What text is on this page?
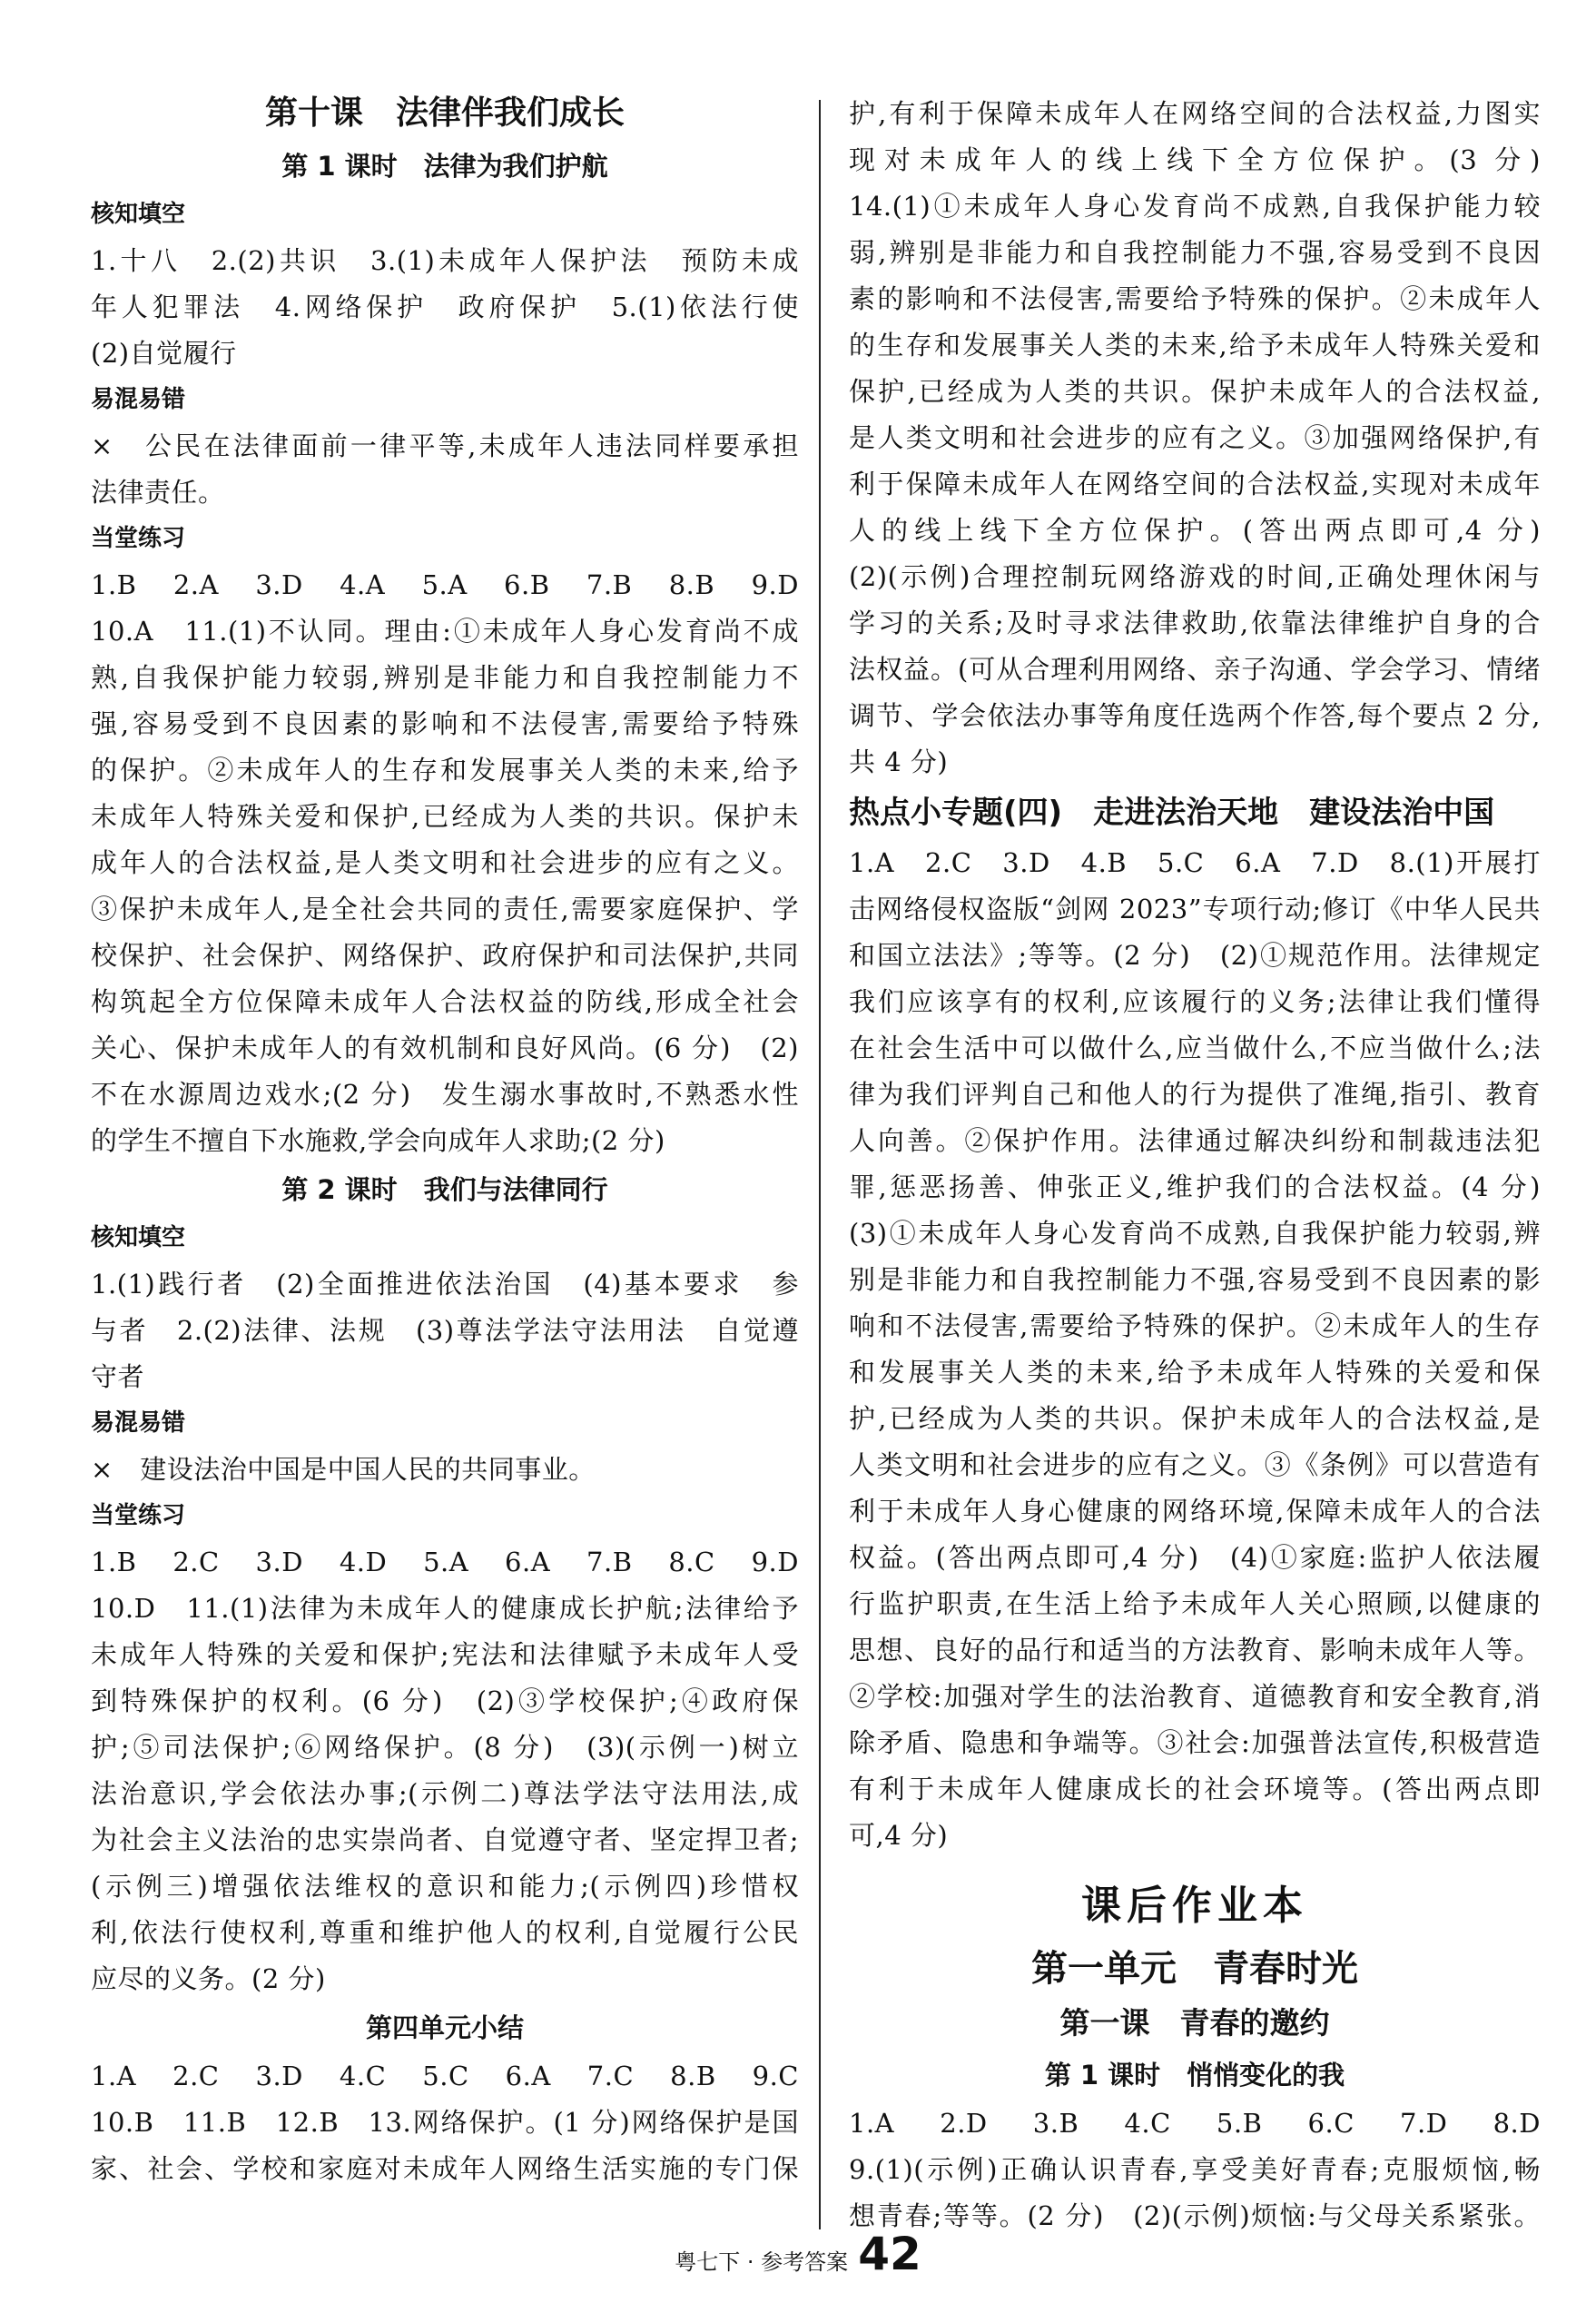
第十课　法律伴我们成长
第 1 课时　法律为我们护航
核知填空
1.十八　2.(2)共识　3.(1)未成年人保护法　预防未成
年人犯罪法　4.网络保护　政府保护　5.(1)依法行使
(2)自觉履行
易混易错
×　公民在法律面前一律平等,未成年人违法同样要承担
法律责任。
当堂练习
1.B　2.A　3.D　4.A　5.A　6.B　7.B　8.B　9.D
10.A　11.(1)不认同。理由:①未成年人身心发育尚不成
熟,自我保护能力较弱,辨别是非能力和自我控制能力不
强,容易受到不良因素的影响和不法侵害,需要给予特殊
的保护。②未成年人的生存和发展事关人类的未来,给予
未成年人特殊关爱和保护,已经成为人类的共识。保护未
成年人的合法权益,是人类文明和社会进步的应有之义。
③保护未成年人,是全社会共同的责任,需要家庭保护、学
校保护、社会保护、网络保护、政府保护和司法保护,共同
构筑起全方位保障未成年人合法权益的防线,形成全社会
关心、保护未成年人的有效机制和良好风尚。(6 分)　(2)
不在水源周边戏水;(2 分)　发生溺水事故时,不熟悉水性
的学生不擅自下水施救,学会向成年人求助;(2 分)
第 2 课时　我们与法律同行
核知填空
1.(1)践行者　(2)全面推进依法治国　(4)基本要求　参
与者　2.(2)法律、法规　(3)尊法学法守法用法　自觉遵
守者
易混易错
×　建设法治中国是中国人民的共同事业。
当堂练习
1.B　2.C　3.D　4.D　5.A　6.A　7.B　8.C　9.D
10.D　11.(1)法律为未成年人的健康成长护航;法律给予
未成年人特殊的关爱和保护;宪法和法律赋予未成年人受
到特殊保护的权利。(6 分)　(2)③学校保护;④政府保
护;⑤司法保护;⑥网络保护。(8 分)　(3)(示例一)树立
法治意识,学会依法办事;(示例二)尊法学法守法用法,成
为社会主义法治的忠实崇尚者、自觉遵守者、坚定捍卫者;
(示例三)增强依法维权的意识和能力;(示例四)珍惜权
利,依法行使权利,尊重和维护他人的权利,自觉履行公民
应尽的义务。(2 分)
第四单元小结
1.A　2.C　3.D　4.C　5.C　6.A　7.C　8.B　9.C
10.B　11.B　12.B　13.网络保护。(1 分)网络保护是国
家、社会、学校和家庭对未成年人网络生活实施的专门保
护,有利于保障未成年人在网络空间的合法权益,力图实
现对未成年人的线上线下全方位保护。(3 分)
14.(1)①未成年人身心发育尚不成熟,自我保护能力较
弱,辨别是非能力和自我控制能力不强,容易受到不良因
素的影响和不法侵害,需要给予特殊的保护。②未成年人
的生存和发展事关人类的未来,给予未成年人特殊关爱和
保护,已经成为人类的共识。保护未成年人的合法权益,
是人类文明和社会进步的应有之义。③加强网络保护,有
利于保障未成年人在网络空间的合法权益,实现对未成年
人的线上线下全方位保护。(答出两点即可,4 分)
(2)(示例)合理控制玩网络游戏的时间,正确处理休闲与
学习的关系;及时寻求法律救助,依靠法律维护自身的合
法权益。(可从合理利用网络、亲子沟通、学会学习、情绪
调节、学会依法办事等角度任选两个作答,每个要点 2 分,
共 4 分)
热点小专题(四)　走进法治天地　建设法治中国
1.A　2.C　3.D　4.B　5.C　6.A　7.D　8.(1)开展打
击网络侵权盗版“剑网 2023”专项行动;修订《中华人民共
和国立法法》;等等。(2 分)　(2)①规范作用。法律规定
我们应该享有的权利,应该履行的义务;法律让我们懂得
在社会生活中可以做什么,应当做什么,不应当做什么;法
律为我们评判自己和他人的行为提供了准绳,指引、教育
人向善。②保护作用。法律通过解决纠纷和制裁违法犯
罪,惩恶扬善、伸张正义,维护我们的合法权益。(4 分)
(3)①未成年人身心发育尚不成熟,自我保护能力较弱,辨
别是非能力和自我控制能力不强,容易受到不良因素的影
响和不法侵害,需要给予特殊的保护。②未成年人的生存
和发展事关人类的未来,给予未成年人特殊的关爱和保
护,已经成为人类的共识。保护未成年人的合法权益,是
人类文明和社会进步的应有之义。③《条例》可以营造有
利于未成年人身心健康的网络环境,保障未成年人的合法
权益。(答出两点即可,4 分)　(4)①家庭:监护人依法履
行监护职责,在生活上给予未成年人关心照顾,以健康的
思想、良好的品行和适当的方法教育、影响未成年人等。
②学校:加强对学生的法治教育、道德教育和安全教育,消
除矛盾、隐患和争端等。③社会:加强普法宣传,积极营造
有利于未成年人健康成长的社会环境等。(答出两点即
可,4 分)
课后作业本
第一单元　青春时光
第一课　青春的邀约
第 1 课时　悄悄变化的我
1.A　2.D　3.B　4.C　5.B　6.C　7.D　8.D
9.(1)(示例)正确认识青春,享受美好青春;克服烦恼,畅
想青春;等等。(2 分)　(2)(示例)烦恼:与父母关系紧张。
粤七下 · 参考答案 42
